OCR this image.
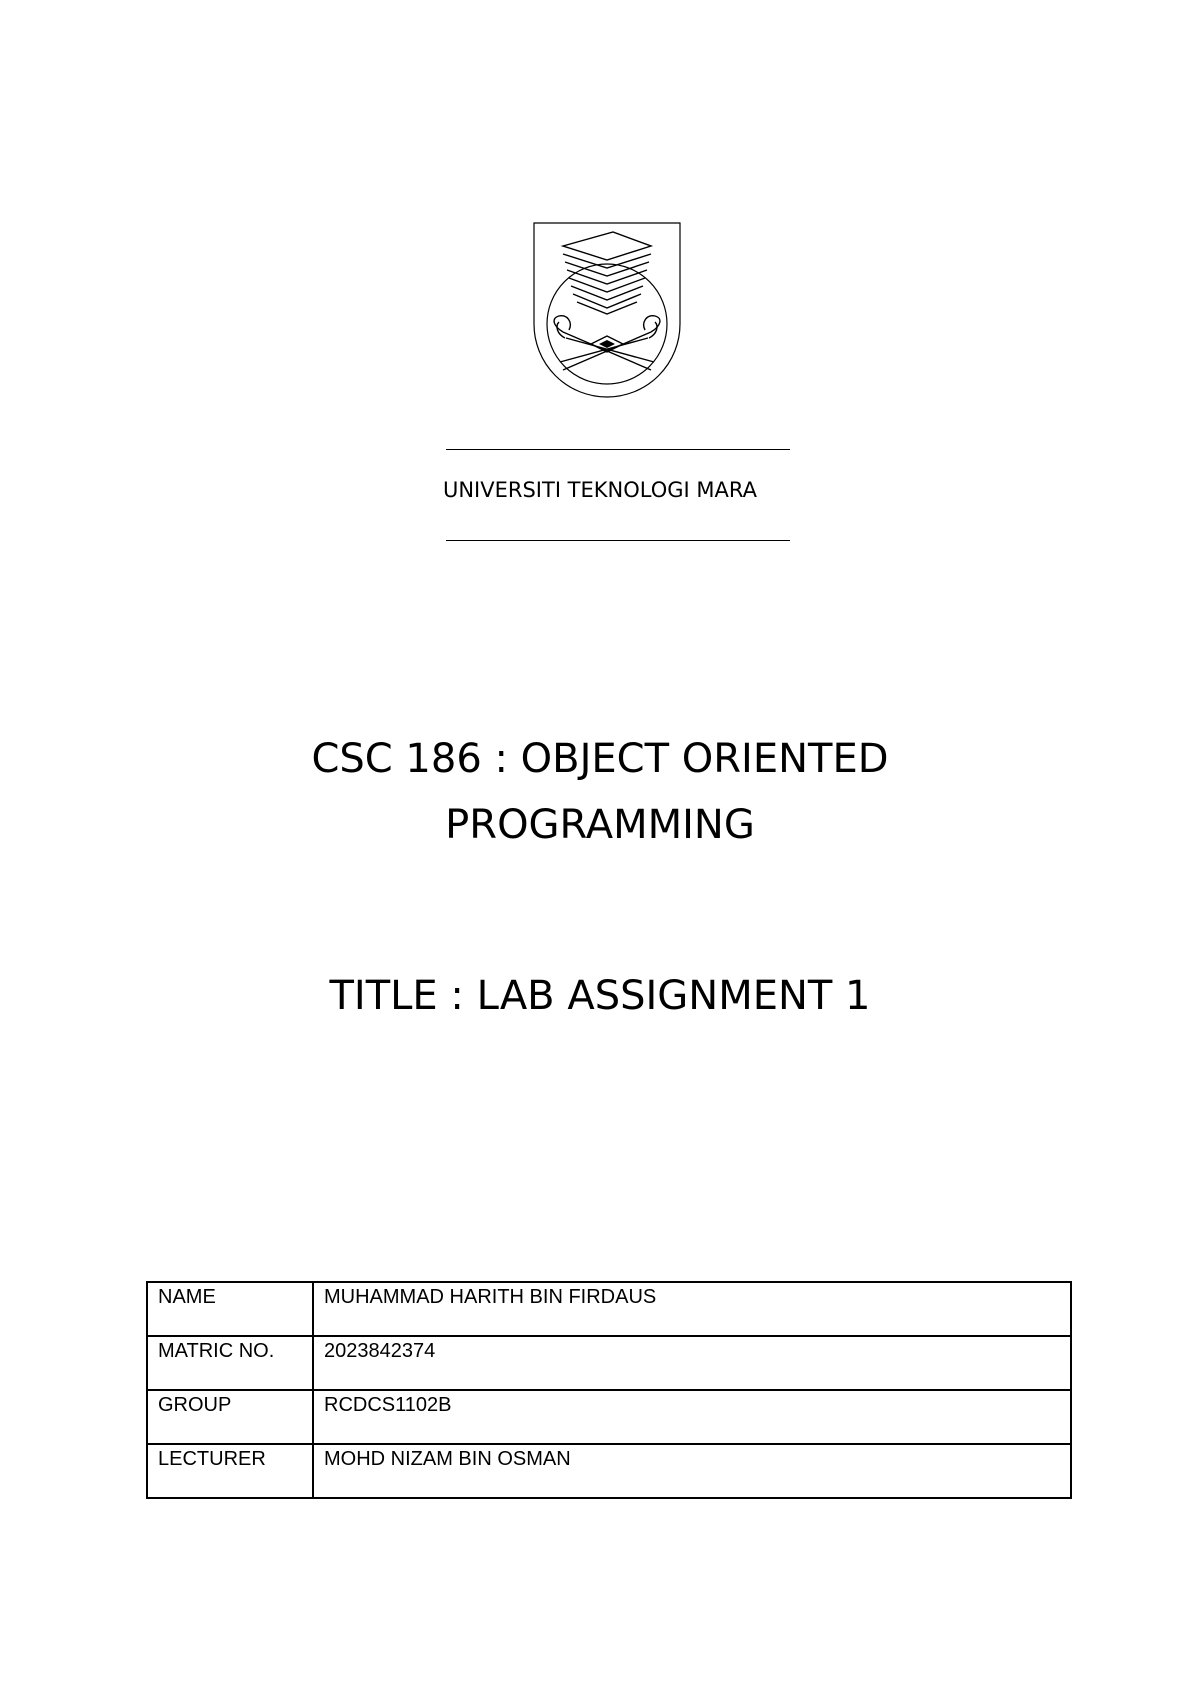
UNIVERSITI TEKNOLOGI MARA
CSC 186 : OBJECT ORIENTED
PROGRAMMING
TITLE : LAB ASSIGNMENT 1
NAME	MUHAMMAD HARITH BIN FIRDAUS
MATRIC NO.	2023842374
GROUP	RCDCS1102B
LECTURER	MOHD NIZAM BIN OSMAN
